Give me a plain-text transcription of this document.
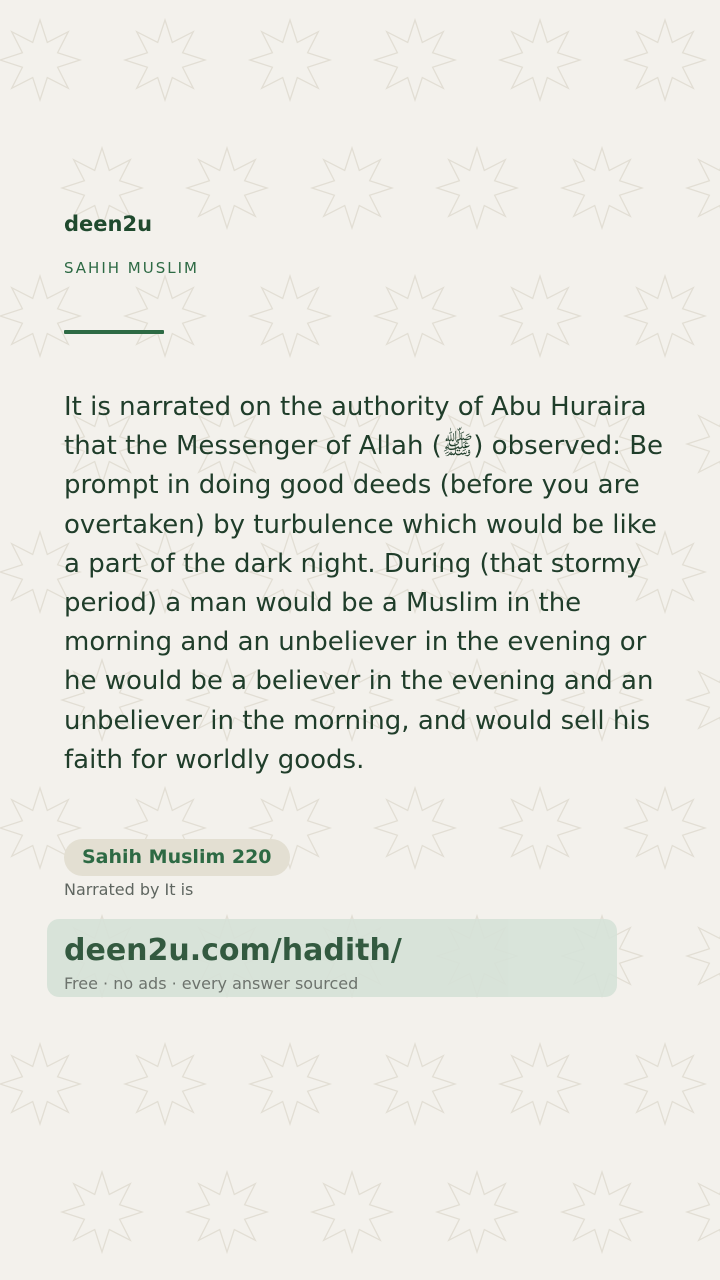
deen2u
SAHIH MUSLIM

It is narrated on the authority of Abu Huraira that the Messenger of Allah (ﷺ) observed: Be prompt in doing good deeds (before you are overtaken) by turbulence which would be like a part of the dark night. During (that stormy period) a man would be a Muslim in the morning and an unbeliever in the evening or he would be a believer in the evening and an unbeliever in the morning, and would sell his faith for worldly goods.

Sahih Muslim 220
Narrated by It is
deen2u.com/hadith/
Free · no ads · every answer sourced
